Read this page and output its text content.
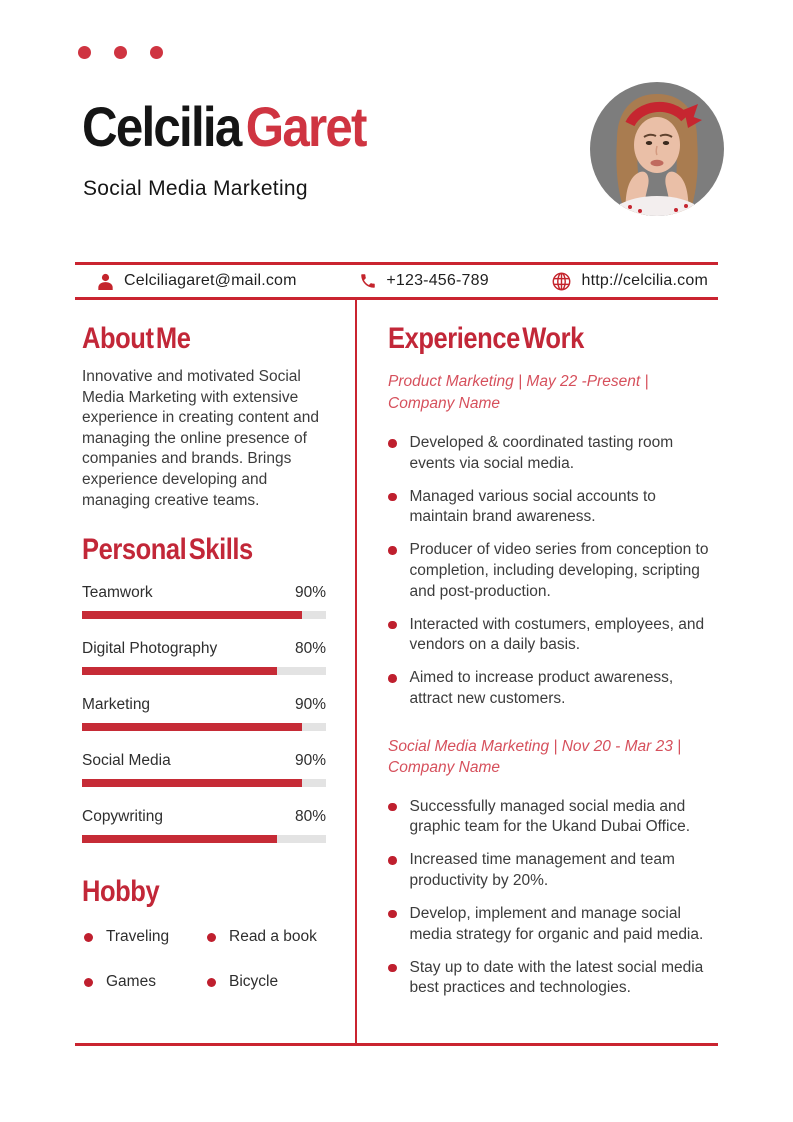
CelciliaGaret
Social Media Marketing
Celciliagaret@mail.com	+123-456-789	http://celcilia.com
About Me
Innovative and motivated Social Media Marketing with extensive experience in creating content and managing the online presence of companies and brands. Brings experience developing and managing creative teams.
Personal Skills
Teamwork	90%
Digital Photography	80%
Marketing	90%
Social Media	90%
Copywriting	80%
Hobby
Traveling	Read a book
Games	Bicycle
Experience Work
Product Marketing | May 22 -Present | Company Name
Developed & coordinated tasting room events via social media.
Managed various social accounts to maintain brand awareness.
Producer of video series from conception to completion, including developing, scripting and post-production.
Interacted with costumers, employees, and vendors on a daily basis.
Aimed to increase product awareness, attract new customers.
Social Media Marketing | Nov 20 - Mar 23 | Company Name
Successfully managed social media and graphic team for the Ukand Dubai Office.
Increased time management and team productivity by 20%.
Develop, implement and manage social media strategy for organic and paid media.
Stay up to date with the latest social media best practices and technologies.
